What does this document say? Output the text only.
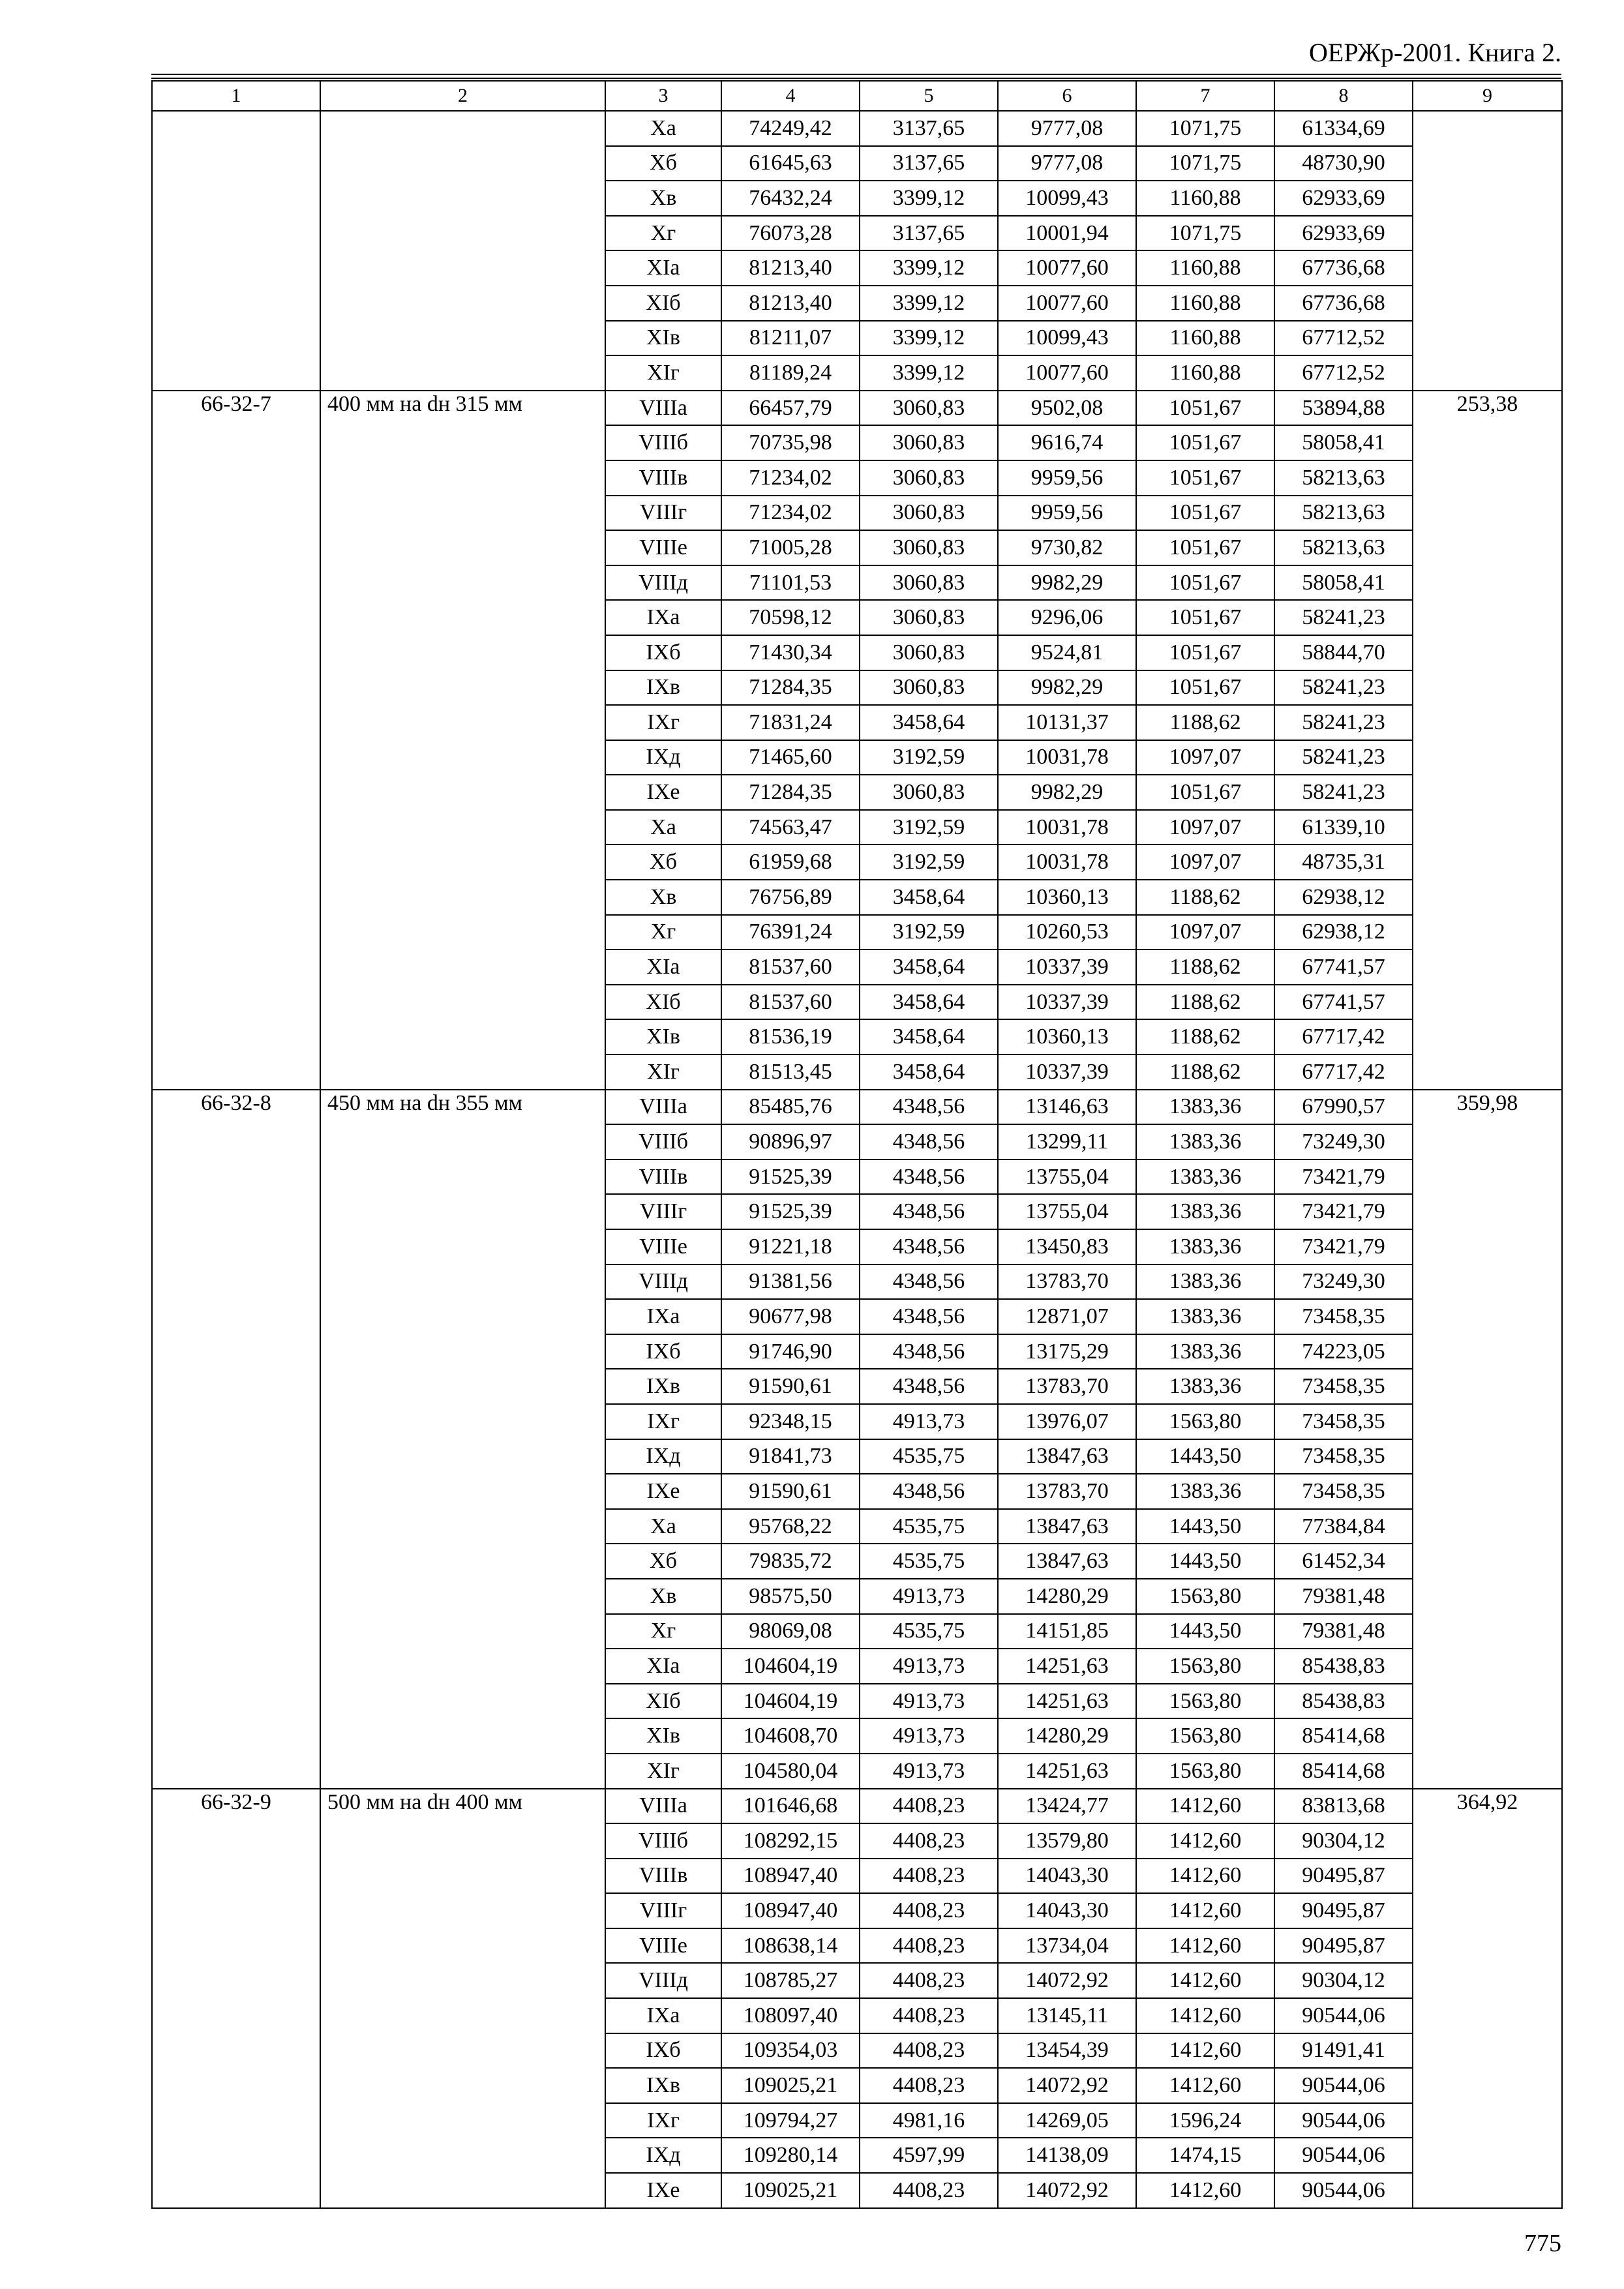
ОЕРЖр-2001. Книга 2.
1	2	3	4	5	6	7	8	9
		Xа	74249,42	3137,65	9777,08	1071,75	61334,69	
		Xб	61645,63	3137,65	9777,08	1071,75	48730,90	
		Xв	76432,24	3399,12	10099,43	1160,88	62933,69	
		Xг	76073,28	3137,65	10001,94	1071,75	62933,69	
		XIа	81213,40	3399,12	10077,60	1160,88	67736,68	
		XIб	81213,40	3399,12	10077,60	1160,88	67736,68	
		XIв	81211,07	3399,12	10099,43	1160,88	67712,52	
		XIг	81189,24	3399,12	10077,60	1160,88	67712,52	
66-32-7	400 мм на dн 315 мм	VIIIа	66457,79	3060,83	9502,08	1051,67	53894,88	253,38
		VIIIб	70735,98	3060,83	9616,74	1051,67	58058,41	
		VIIIв	71234,02	3060,83	9959,56	1051,67	58213,63	
		VIIIг	71234,02	3060,83	9959,56	1051,67	58213,63	
		VIIIе	71005,28	3060,83	9730,82	1051,67	58213,63	
		VIIIд	71101,53	3060,83	9982,29	1051,67	58058,41	
		IXа	70598,12	3060,83	9296,06	1051,67	58241,23	
		IXб	71430,34	3060,83	9524,81	1051,67	58844,70	
		IXв	71284,35	3060,83	9982,29	1051,67	58241,23	
		IXг	71831,24	3458,64	10131,37	1188,62	58241,23	
		IXд	71465,60	3192,59	10031,78	1097,07	58241,23	
		IXе	71284,35	3060,83	9982,29	1051,67	58241,23	
		Xа	74563,47	3192,59	10031,78	1097,07	61339,10	
		Xб	61959,68	3192,59	10031,78	1097,07	48735,31	
		Xв	76756,89	3458,64	10360,13	1188,62	62938,12	
		Xг	76391,24	3192,59	10260,53	1097,07	62938,12	
		XIа	81537,60	3458,64	10337,39	1188,62	67741,57	
		XIб	81537,60	3458,64	10337,39	1188,62	67741,57	
		XIв	81536,19	3458,64	10360,13	1188,62	67717,42	
		XIг	81513,45	3458,64	10337,39	1188,62	67717,42	
66-32-8	450 мм на dн 355 мм	VIIIа	85485,76	4348,56	13146,63	1383,36	67990,57	359,98
		VIIIб	90896,97	4348,56	13299,11	1383,36	73249,30	
		VIIIв	91525,39	4348,56	13755,04	1383,36	73421,79	
		VIIIг	91525,39	4348,56	13755,04	1383,36	73421,79	
		VIIIе	91221,18	4348,56	13450,83	1383,36	73421,79	
		VIIIд	91381,56	4348,56	13783,70	1383,36	73249,30	
		IXа	90677,98	4348,56	12871,07	1383,36	73458,35	
		IXб	91746,90	4348,56	13175,29	1383,36	74223,05	
		IXв	91590,61	4348,56	13783,70	1383,36	73458,35	
		IXг	92348,15	4913,73	13976,07	1563,80	73458,35	
		IXд	91841,73	4535,75	13847,63	1443,50	73458,35	
		IXе	91590,61	4348,56	13783,70	1383,36	73458,35	
		Xа	95768,22	4535,75	13847,63	1443,50	77384,84	
		Xб	79835,72	4535,75	13847,63	1443,50	61452,34	
		Xв	98575,50	4913,73	14280,29	1563,80	79381,48	
		Xг	98069,08	4535,75	14151,85	1443,50	79381,48	
		XIа	104604,19	4913,73	14251,63	1563,80	85438,83	
		XIб	104604,19	4913,73	14251,63	1563,80	85438,83	
		XIв	104608,70	4913,73	14280,29	1563,80	85414,68	
		XIг	104580,04	4913,73	14251,63	1563,80	85414,68	
66-32-9	500 мм на dн 400 мм	VIIIа	101646,68	4408,23	13424,77	1412,60	83813,68	364,92
		VIIIб	108292,15	4408,23	13579,80	1412,60	90304,12	
		VIIIв	108947,40	4408,23	14043,30	1412,60	90495,87	
		VIIIг	108947,40	4408,23	14043,30	1412,60	90495,87	
		VIIIе	108638,14	4408,23	13734,04	1412,60	90495,87	
		VIIIд	108785,27	4408,23	14072,92	1412,60	90304,12	
		IXа	108097,40	4408,23	13145,11	1412,60	90544,06	
		IXб	109354,03	4408,23	13454,39	1412,60	91491,41	
		IXв	109025,21	4408,23	14072,92	1412,60	90544,06	
		IXг	109794,27	4981,16	14269,05	1596,24	90544,06	
		IXд	109280,14	4597,99	14138,09	1474,15	90544,06	
		IXе	109025,21	4408,23	14072,92	1412,60	90544,06	
775
